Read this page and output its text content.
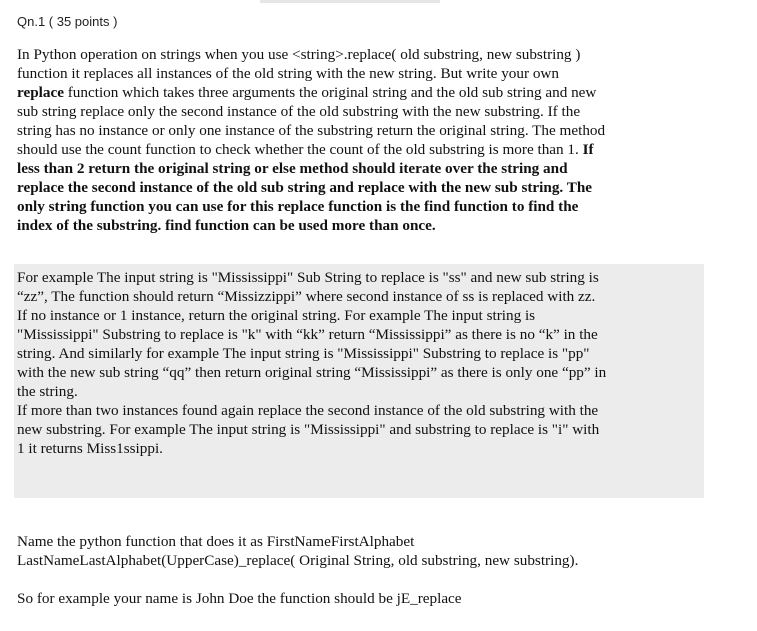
Qn.1 ( 35 points )
In Python operation on strings when you use <string>.replace( old substring, new substring )
function it replaces all instances of the old string with the new string. But write your own
replace function which takes three arguments the original string and the old sub string and new
sub string replace only the second instance of the old substring with the new substring. If the
string has no instance or only one instance of the substring return the original string. The method
should use the count function to check whether the count of the old substring is more than 1. If
less than 2 return the original string or else method should iterate over the string and
replace the second instance of the old sub string and replace with the new sub string. The
only string function you can use for this replace function is the find function to find the
index of the substring. find function can be used more than once.
For example The input string is "Mississippi" Sub String to replace is "ss" and new sub string is
“zz”, The function should return “Missizzippi” where second instance of ss is replaced with zz.
If no instance or 1 instance, return the original string. For example The input string is
"Mississippi" Substring to replace is "k" with “kk” return “Mississippi” as there is no “k” in the
string. And similarly for example The input string is "Mississippi" Substring to replace is "pp"
with the new sub string “qq” then return original string “Mississippi” as there is only one “pp” in
the string.
If more than two instances found again replace the second instance of the old substring with the
new substring. For example The input string is "Mississippi" and substring to replace is "i" with
1 it returns Miss1ssippi.
Name the python function that does it as FirstNameFirstAlphabet
LastNameLastAlphabet(UpperCase)_replace( Original String, old substring, new substring).
So for example your name is John Doe the function should be jE_replace
